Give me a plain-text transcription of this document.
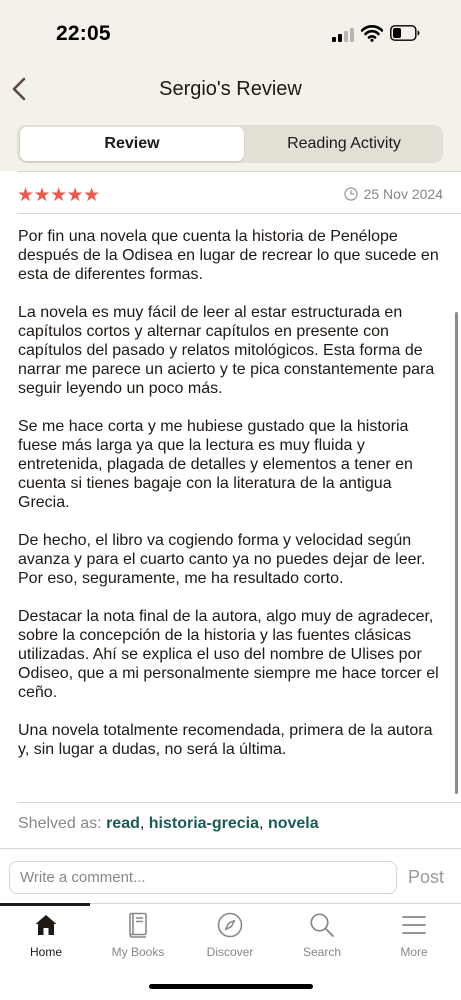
22:05
Sergio's Review
Review	Reading Activity
★★★★★	25 Nov 2024

Por fin una novela que cuenta la historia de Penélope después de la Odisea en lugar de recrear lo que sucede en esta de diferentes formas.

La novela es muy fácil de leer al estar estructurada en capítulos cortos y alternar capítulos en presente con capítulos del pasado y relatos mitológicos. Esta forma de narrar me parece un acierto y te pica constantemente para seguir leyendo un poco más.

Se me hace corta y me hubiese gustado que la historia fuese más larga ya que la lectura es muy fluida y entretenida, plagada de detalles y elementos a tener en cuenta si tienes bagaje con la literatura de la antigua Grecia.

De hecho, el libro va cogiendo forma y velocidad según avanza y para el cuarto canto ya no puedes dejar de leer. Por eso, seguramente, me ha resultado corto.

Destacar la nota final de la autora, algo muy de agradecer, sobre la concepción de la historia y las fuentes clásicas utilizadas. Ahí se explica el uso del nombre de Ulises por Odiseo, que a mi personalmente siempre me hace torcer el ceño.

Una novela totalmente recomendada, primera de la autora y, sin lugar a dudas, no será la última.

Shelved as: read, historia-grecia, novela
Write a comment...
Post
Home	My Books	Discover	Search	More
